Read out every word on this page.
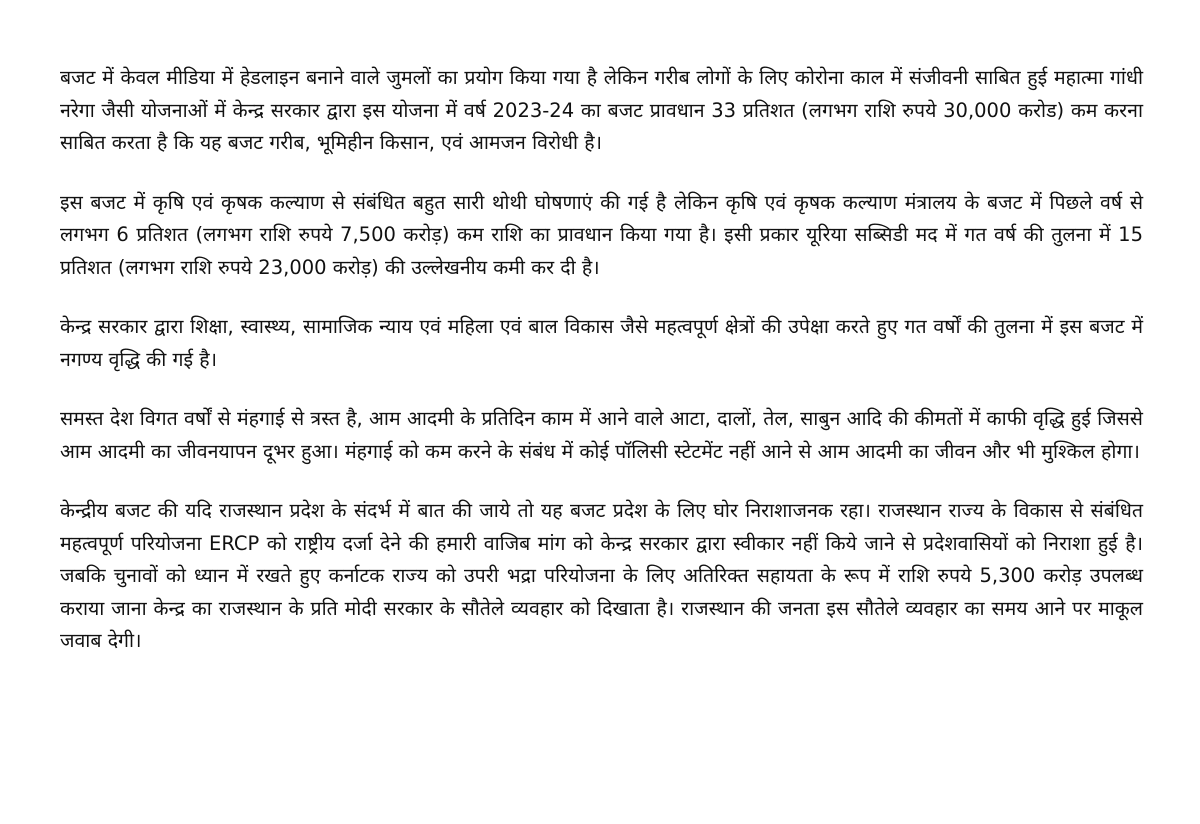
बजट में केवल मीडिया में हेडलाइन बनाने वाले जुमलों का प्रयोग किया गया है लेकिन गरीब लोगों के लिए कोरोना काल में संजीवनी साबित हुई महात्मा गांधी नरेगा जैसी योजनाओं में केन्द्र सरकार द्वारा इस योजना में वर्ष 2023-24 का बजट प्रावधान 33 प्रतिशत (लगभग राशि रुपये 30,000 करोड) कम करना साबित करता है कि यह बजट गरीब, भूमिहीन किसान, एवं आमजन विरोधी है।

इस बजट में कृषि एवं कृषक कल्याण से संबंधित बहुत सारी थोथी घोषणाएं की गई है लेकिन कृषि एवं कृषक कल्याण मंत्रालय के बजट में पिछले वर्ष से लगभग 6 प्रतिशत (लगभग राशि रुपये 7,500 करोड़) कम राशि का प्रावधान किया गया है। इसी प्रकार यूरिया सब्सिडी मद में गत वर्ष की तुलना में 15 प्रतिशत (लगभग राशि रुपये 23,000 करोड़) की उल्लेखनीय कमी कर दी है।

केन्द्र सरकार द्वारा शिक्षा, स्वास्थ्य, सामाजिक न्याय एवं महिला एवं बाल विकास जैसे महत्वपूर्ण क्षेत्रों की उपेक्षा करते हुए गत वर्षों की तुलना में इस बजट में नगण्य वृद्धि की गई है।

समस्त देश विगत वर्षों से मंहगाई से त्रस्त है, आम आदमी के प्रतिदिन काम में आने वाले आटा, दालों, तेल, साबुन आदि की कीमतों में काफी वृद्धि हुई जिससे आम आदमी का जीवनयापन दूभर हुआ। मंहगाई को कम करने के संबंध में कोई पॉलिसी स्टेटमेंट नहीं आने से आम आदमी का जीवन और भी मुश्किल होगा।

केन्द्रीय बजट की यदि राजस्थान प्रदेश के संदर्भ में बात की जाये तो यह बजट प्रदेश के लिए घोर निराशाजनक रहा। राजस्थान राज्य के विकास से संबंधित महत्वपूर्ण परियोजना ERCP को राष्ट्रीय दर्जा देने की हमारी वाजिब मांग को केन्द्र सरकार द्वारा स्वीकार नहीं किये जाने से प्रदेशवासियों को निराशा हुई है। जबकि चुनावों को ध्यान में रखते हुए कर्नाटक राज्य को उपरी भद्रा परियोजना के लिए अतिरिक्त सहायता के रूप में राशि रुपये 5,300 करोड़ उपलब्ध कराया जाना केन्द्र का राजस्थान के प्रति मोदी सरकार के सौतेले व्यवहार को दिखाता है। राजस्थान की जनता इस सौतेले व्यवहार का समय आने पर माकूल जवाब देगी।
